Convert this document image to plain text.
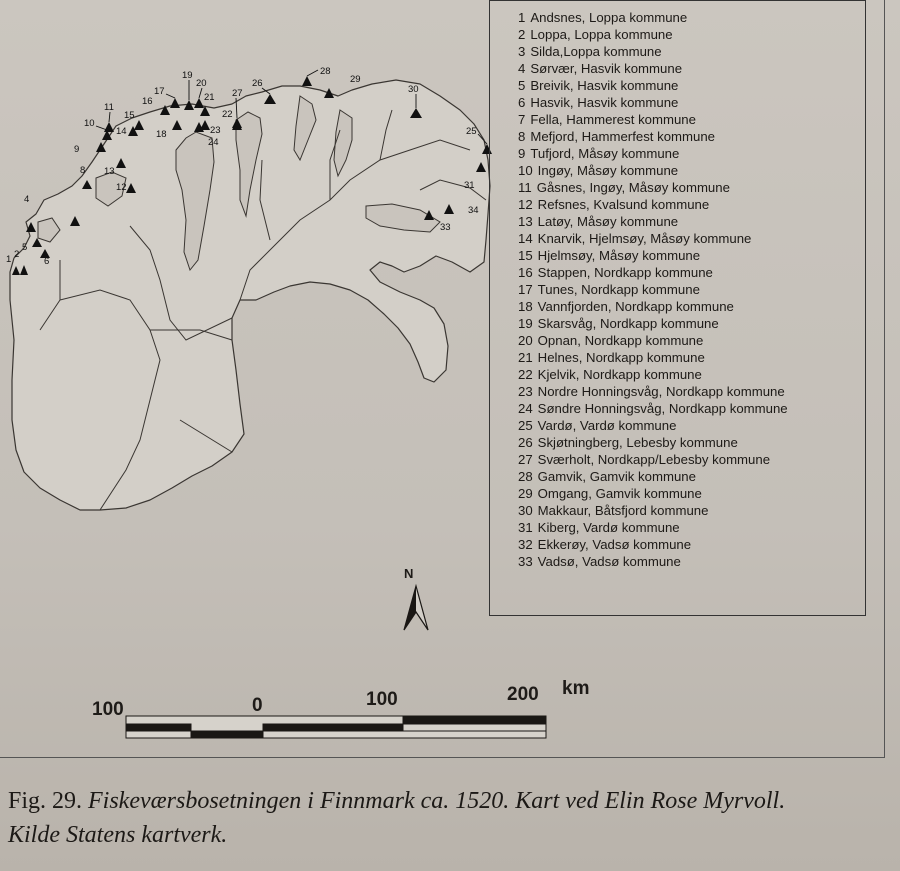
1 2
4
5
6
8
9
10
11
12
13
14
15
16
17
18
19
20
21
22
23
24
25
26
27
28
29
30
31
33
34
1 Andsnes, Loppa kommune
2 Loppa, Loppa kommune
3 Silda,Loppa kommune
4 Sørvær, Hasvik kommune
5 Breivik, Hasvik kommune
6 Hasvik, Hasvik kommune
7 Fella, Hammerest kommune
8 Mefjord, Hammerfest kommune
9 Tufjord, Måsøy kommune
10 Ingøy, Måsøy kommune
11 Gåsnes, Ingøy, Måsøy kommune
12 Refsnes, Kvalsund kommune
13 Latøy, Måsøy kommune
14 Knarvik, Hjelmsøy, Måsøy kommune
15 Hjelmsøy, Måsøy kommune
16 Stappen, Nordkapp kommune
17 Tunes, Nordkapp kommune
18 Vannfjorden, Nordkapp kommune
19 Skarsvåg, Nordkapp kommune
20 Opnan, Nordkapp kommune
21 Helnes, Nordkapp kommune
22 Kjelvik, Nordkapp kommune
23 Nordre Honningsvåg, Nordkapp kommune
24 Søndre Honningsvåg, Nordkapp kommune
25 Vardø, Vardø kommune
26 Skjøtningberg, Lebesby kommune
27 Sværholt, Nordkapp/Lebesby kommune
28 Gamvik, Gamvik kommune
29 Omgang, Gamvik kommune
30 Makkaur, Båtsfjord kommune
31 Kiberg, Vardø kommune
32 Ekkerøy, Vadsø kommune
33 Vadsø, Vadsø kommune
N
100	0	100	200 km
Fig. 29. Fiskeværsbosetningen i Finnmark ca. 1520. Kart ved Elin Rose Myrvoll.
Kilde Statens kartverk.
